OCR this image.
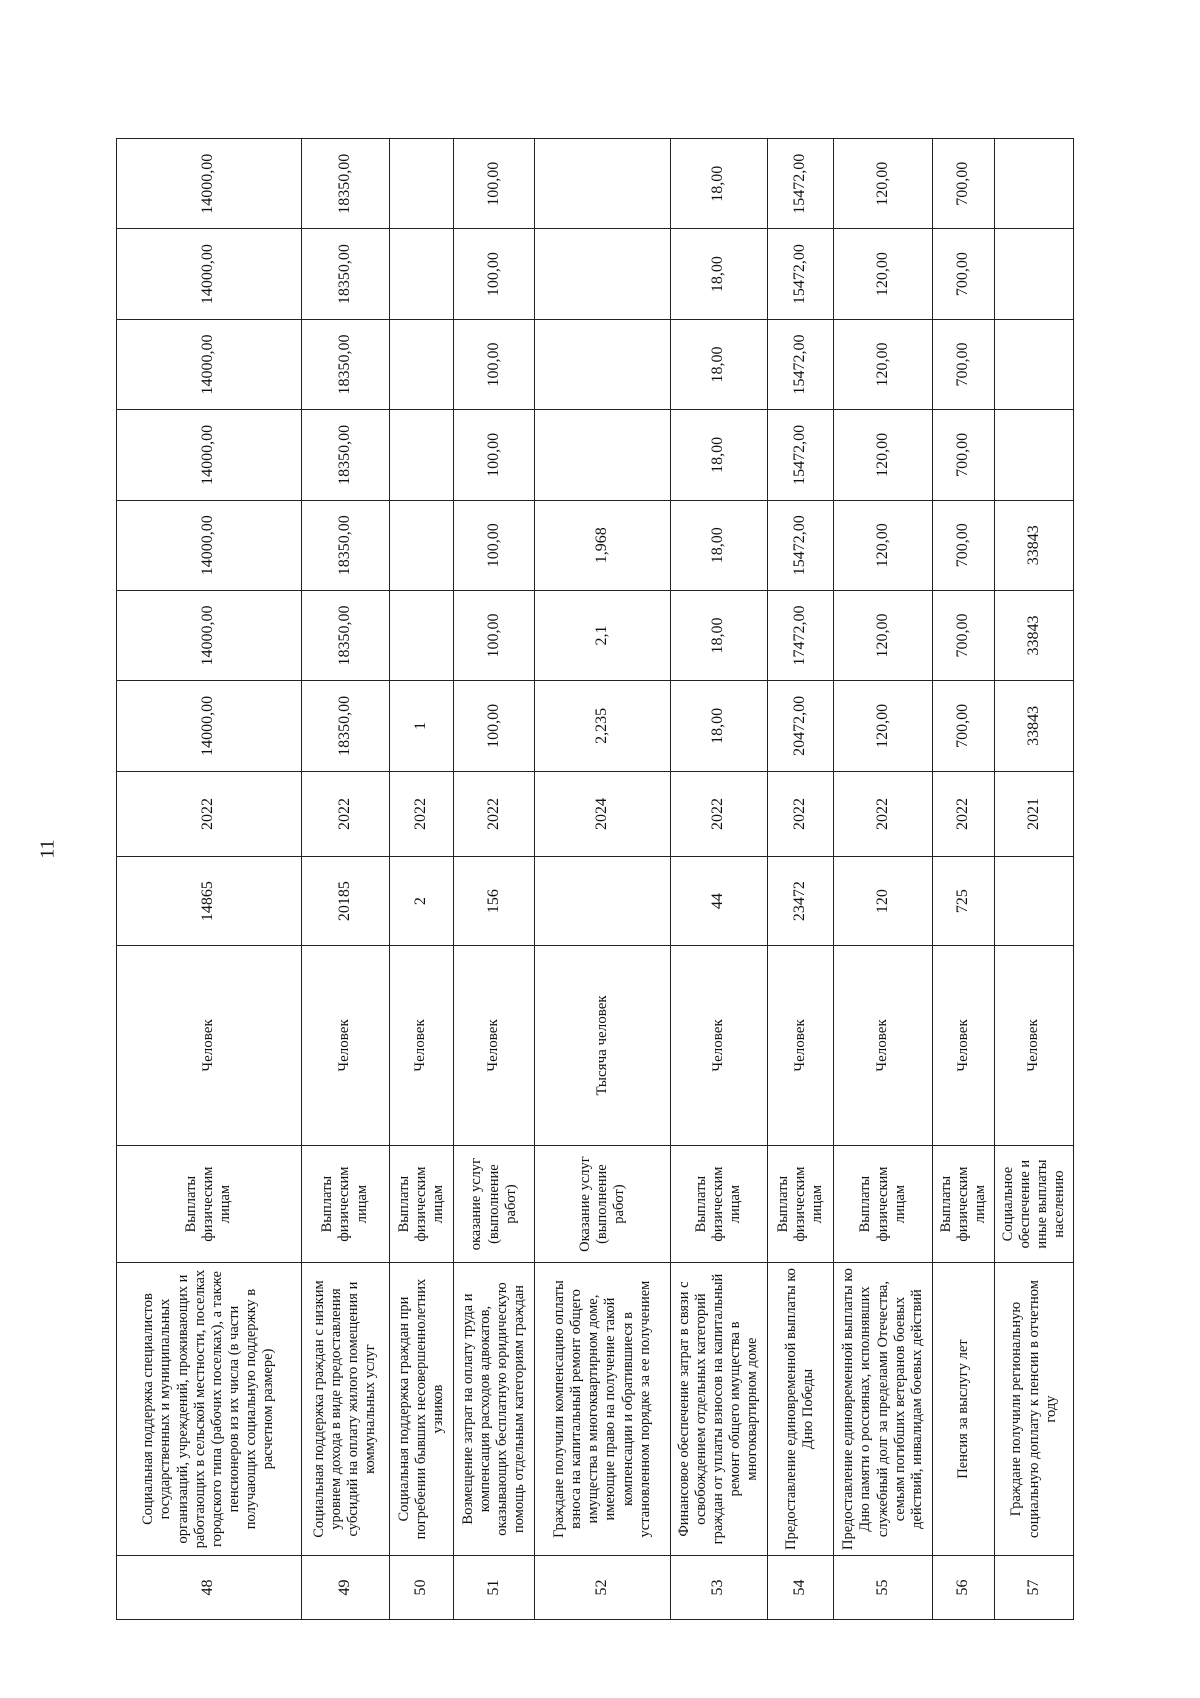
11
48	Социальная поддержка специалистов государственных и муниципальных организаций, учреждений, проживающих и работающих в сельской местности, поселках городского типа (рабочих поселках), а также пенсионеров из их числа (в части получающих социальную поддержку в расчетном размере)	Выплаты физическим лицам	Человек	14865	2022	14000,00	14000,00	14000,00	14000,00	14000,00	14000,00	14000,00
49	Социальная поддержка граждан с низким уровнем дохода в виде предоставления субсидий на оплату жилого помещения и коммунальных услуг	Выплаты физическим лицам	Человек	20185	2022	18350,00	18350,00	18350,00	18350,00	18350,00	18350,00	18350,00
50	Социальная поддержка граждан при погребении бывших несовершеннолетних узников	Выплаты физическим лицам	Человек	2	2022	1						
51	Возмещение затрат на оплату труда и компенсация расходов адвокатов, оказывающих бесплатную юридическую помощь отдельным категориям граждан	оказание услуг (выполнение работ)	Человек	156	2022	100,00	100,00	100,00	100,00	100,00	100,00	100,00
52	Граждане получили компенсацию оплаты взноса на капитальный ремонт общего имущества в многоквартирном доме, имеющие право на получение такой компенсации и обратившиеся в установленном порядке за ее получением	Оказание услуг (выполнение работ)	Тысяча человек		2024	2,235	2,1	1,968				
53	Финансовое обеспечение затрат в связи с освобождением отдельных категорий граждан от уплаты взносов на капитальный ремонт общего имущества в многоквартирном доме	Выплаты физическим лицам	Человек	44	2022	18,00	18,00	18,00	18,00	18,00	18,00	18,00
54	Предоставление единовременной выплаты ко Дню Победы	Выплаты физическим лицам	Человек	23472	2022	20472,00	17472,00	15472,00	15472,00	15472,00	15472,00	15472,00
55	Предоставление единовременной выплаты ко Дню памяти о россиянах, исполнявших служебный долг за пределами Отечества, семьям погибших ветеранов боевых действий, инвалидам боевых действий	Выплаты физическим лицам	Человек	120	2022	120,00	120,00	120,00	120,00	120,00	120,00	120,00
56	Пенсия за выслугу лет	Выплаты физическим лицам	Человек	725	2022	700,00	700,00	700,00	700,00	700,00	700,00	700,00
57	Граждане получили региональную социальную доплату к пенсии в отчетном году	Социальное обеспечение и иные выплаты населению	Человек		2021	33843	33843	33843				
